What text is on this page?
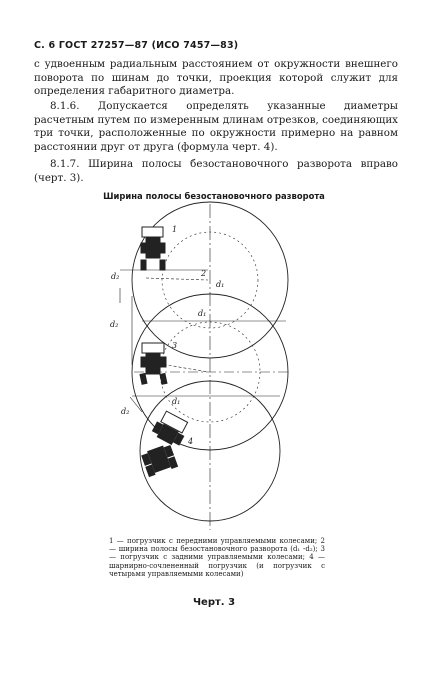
С. 6 ГОСТ 27257—87 (ИСО 7457—83)
с удвоенным радиальным расстоянием от окружности внешнего поворота по шинам до точки, проекция которой служит для определения габаритного диаметра.
8.1.6. Допускается определять указанные диаметры расчетным путем по измеренным длинам отрезков, соединяющих три точки, расположенные по окружности примерно на равном расстоянии друг от друга (формула черт. 4).
8.1.7. Ширина полосы безостановочного разворота вправо (черт. 3).
Ширина полосы безостановочного разворота
1
2
3
4
d₁
d₁
d₁
d₂
d₂
d₂
1 — погрузчик с передними управляемыми колесами; 2 — ширина полосы безостановочного разворота (d₁ -d₂); 3 — погрузчик с задними управляемыми колесами; 4 — шарнирно-сочлененный погрузчик (и погрузчик с четырьмя управляемыми колесами)
Черт. 3
